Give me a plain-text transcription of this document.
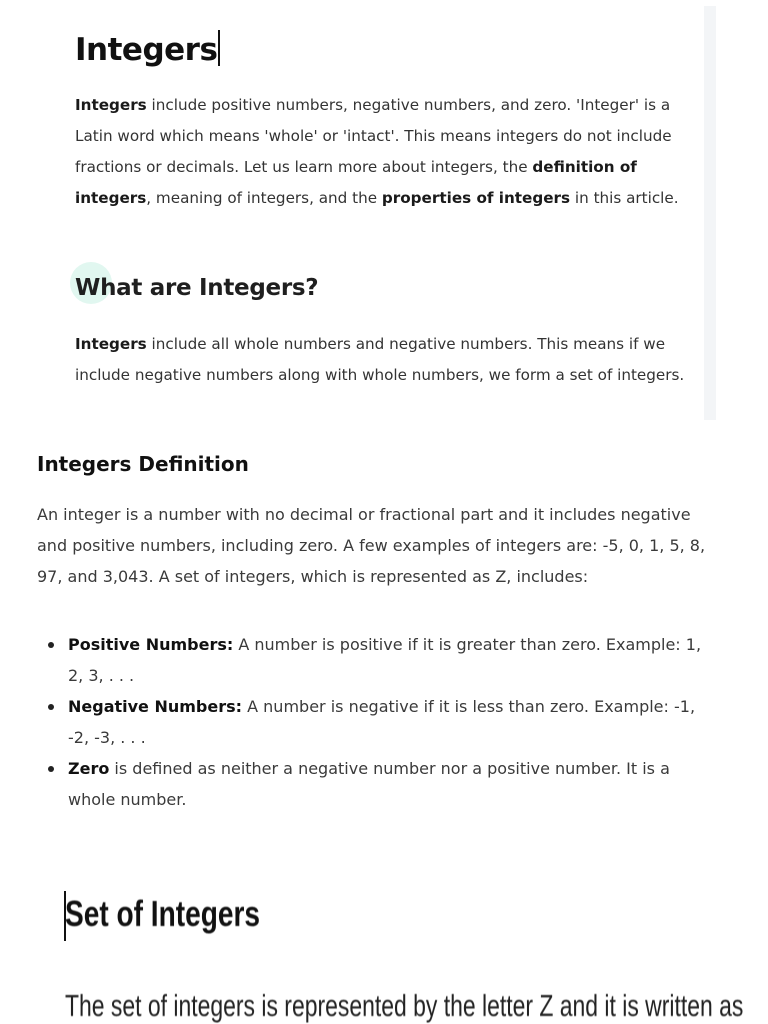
Integers

Integers include positive numbers, negative numbers, and zero. 'Integer' is a Latin word which means 'whole' or 'intact'. This means integers do not include fractions or decimals. Let us learn more about integers, the definition of integers, meaning of integers, and the properties of integers in this article.

What are Integers?

Integers include all whole numbers and negative numbers. This means if we include negative numbers along with whole numbers, we form a set of integers.

Integers Definition

An integer is a number with no decimal or fractional part and it includes negative and positive numbers, including zero. A few examples of integers are: -5, 0, 1, 5, 8, 97, and 3,043. A set of integers, which is represented as Z, includes:

Positive Numbers: A number is positive if it is greater than zero. Example: 1, 2, 3, . . .
Negative Numbers: A number is negative if it is less than zero. Example: -1, -2, -3, . . .
Zero is defined as neither a negative number nor a positive number. It is a whole number.
Set of Integers

The set of integers is represented by the letter Z and it is written as
